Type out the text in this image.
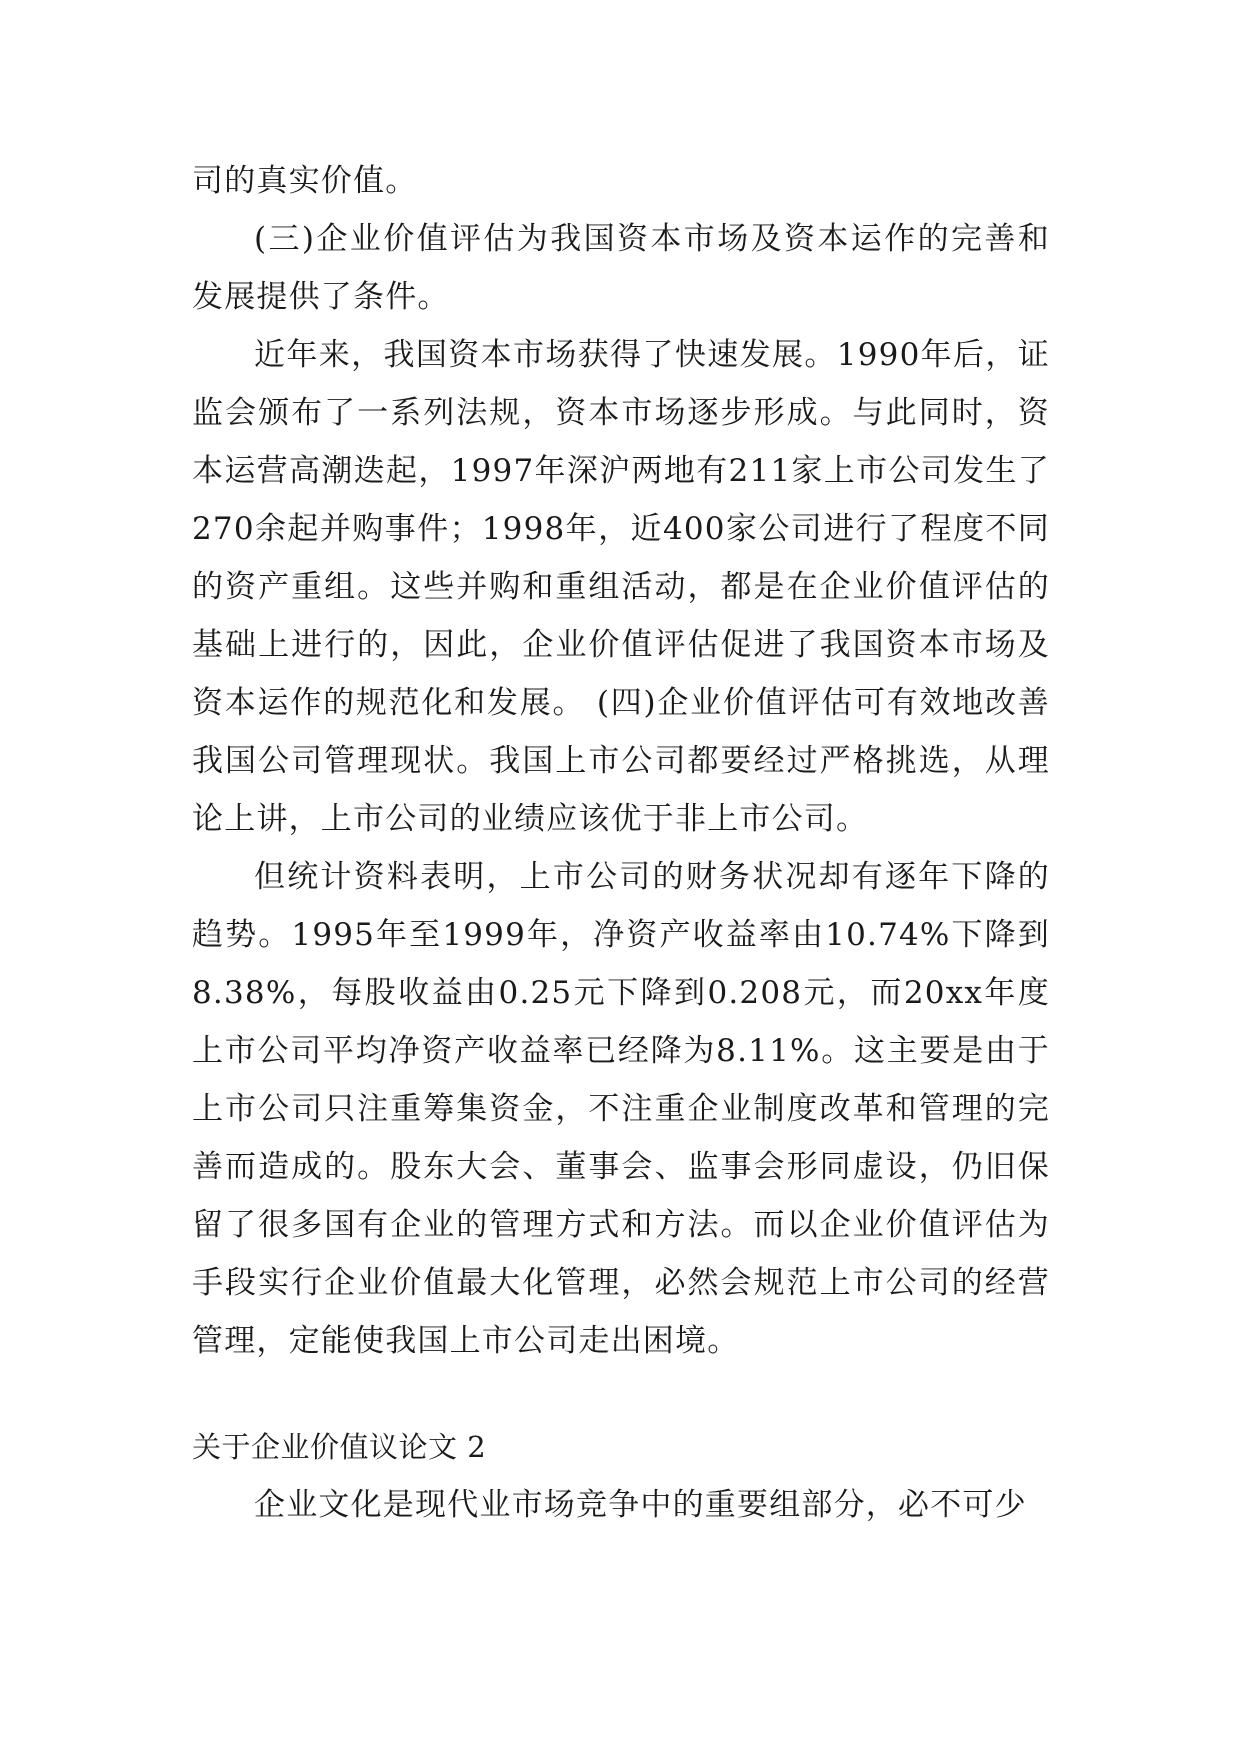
司的真实价值。

(三)企业价值评估为我国资本市场及资本运作的完善和发展提供了条件。

近年来，我国资本市场获得了快速发展。1990年后，证监会颁布了一系列法规，资本市场逐步形成。与此同时，资本运营高潮迭起，1997年深沪两地有211家上市公司发生了270余起并购事件；1998年，近400家公司进行了程度不同的资产重组。这些并购和重组活动，都是在企业价值评估的基础上进行的，因此，企业价值评估促进了我国资本市场及资本运作的规范化和发展。 (四)企业价值评估可有效地改善我国公司管理现状。我国上市公司都要经过严格挑选，从理论上讲，上市公司的业绩应该优于非上市公司。

但统计资料表明，上市公司的财务状况却有逐年下降的趋势。1995年至1999年，净资产收益率由10.74%下降到8.38%，每股收益由0.25元下降到0.208元，而20xx年度上市公司平均净资产收益率已经降为8.11%。这主要是由于上市公司只注重筹集资金，不注重企业制度改革和管理的完善而造成的。股东大会、董事会、监事会形同虚设，仍旧保留了很多国有企业的管理方式和方法。而以企业价值评估为手段实行企业价值最大化管理，必然会规范上市公司的经营管理，定能使我国上市公司走出困境。

关于企业价值议论文 2

企业文化是现代业市场竞争中的重要组部分，必不可少
